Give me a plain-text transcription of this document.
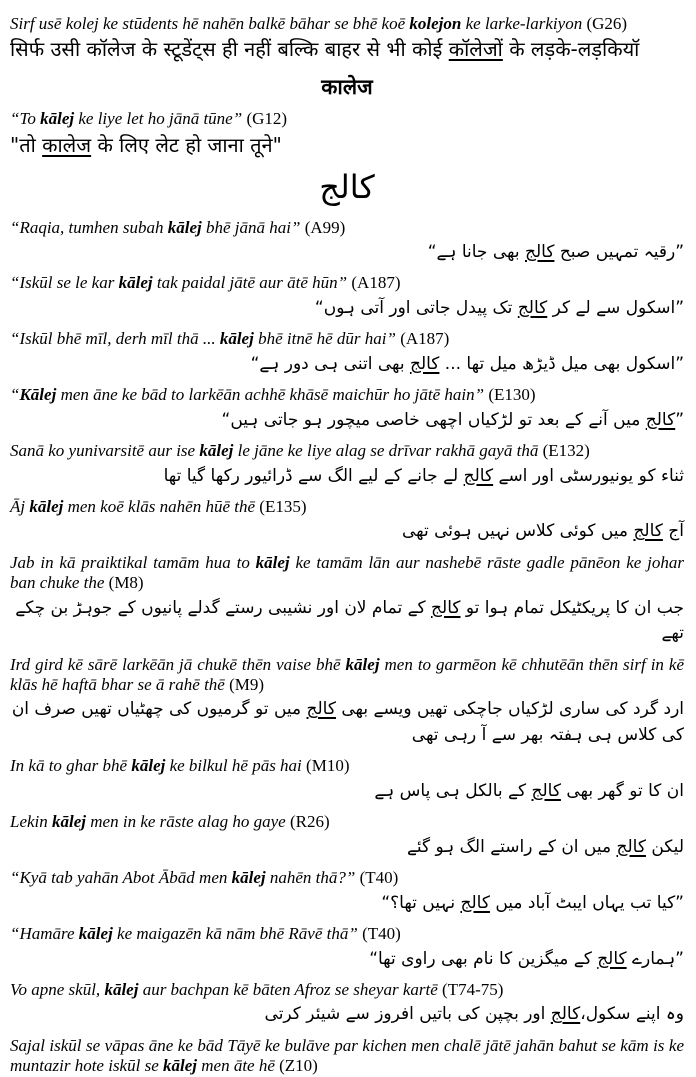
Sirf usē kolej ke stūdents hē nahēn balkē bāhar se bhē koē kolejon ke larke-larkiyon (G26)
सिर्फ उसी कॉलेज के स्टूडेंट्स ही नहीं बल्कि बाहर से भी कोई कॉलेजों के लड़के-लड़कियॉ
कालेज
“To kālej ke liye let ho jānā tūne” (G12)
"तो कालेज के लिए लेट हो जाना तूने"
کالج
“Raqia, tumhen subah kālej bhē jānā hai” (A99)
”رقیہ تمہیں صبح کالج بھی جانا ہے“
“Iskūl se le kar kālej tak paidal jātē aur ātē hūn” (A187)
”اسکول سے لے کر کالج تک پیدل جاتی اور آتی ہوں“
“Iskūl bhē mīl, derh mīl thā ... kālej bhē itnē hē dūr hai” (A187)
”اسکول بھی میل ڈیڑھ میل تھا ... کالج بھی اتنی ہی دور ہے“
“Kālej men āne ke bād to larkēān achhē khāsē maichūr ho jātē hain” (E130)
”کالج میں آنے کے بعد تو لڑکیاں اچھی خاصی میچور ہو جاتی ہیں“
Sanā ko yunivarsitē aur ise kālej le jāne ke liye alag se drīvar rakhā gayā thā (E132)
ثناء کو یونیورسٹی اور اسے کالج لے جانے کے لیے الگ سے ڈرائیور رکھا گیا تھا
Āj kālej men koē klās nahēn hūē thē (E135)
آج کالج میں کوئی کلاس نہیں ہوئی تھی
Jab in kā praiktikal tamām hua to kālej ke tamām lān aur nashebē rāste gadle pānēon ke johar ban chuke the (M8)
جب ان کا پریکٹیکل تمام ہوا تو کالج کے تمام لان اور نشیبی رستے گدلے پانیوں کے جوہڑ بن چکے تھے
Ird gird kē sārē larkēān jā chukē thēn vaise bhē kālej men to garmēon kē chhutēān thēn sirf in kē klās hē haftā bhar se ā rahē thē (M9)
ارد گرد کی ساری لڑکیاں جاچکی تھیں ویسے بھی کالج میں تو گرمیوں کی چھٹیاں تھیں صرف ان کی کلاس ہی ہفتہ بھر سے آ رہی تھی
In kā to ghar bhē kālej ke bilkul hē pās hai (M10)
ان کا تو گھر بھی کالج کے بالکل ہی پاس ہے
Lekin kālej men in ke rāste alag ho gaye (R26)
لیکن کالج میں ان کے راستے الگ ہو گئے
“Kyā tab yahān Abot Ābād men kālej nahēn thā?” (T40)
”کیا تب یہاں ایبٹ آباد میں کالج نہیں تھا؟“
“Hamāre kālej ke maigazēn kā nām bhē Rāvē thā” (T40)
”ہمارے کالج کے میگزین کا نام بھی راوی تھا“
Vo apne skūl, kālej aur bachpan kē bāten Afroz se sheyar kartē (T74-75)
وہ اپنے سکول،کالج اور بچپن کی باتیں افروز سے شیئر کرتی
Sajal iskūl se vāpas āne ke bād Tāyē ke bulāve par kichen men chalē jātē jahān bahut se kām is ke muntazir hote iskūl se kālej men āte hē (Z10)
